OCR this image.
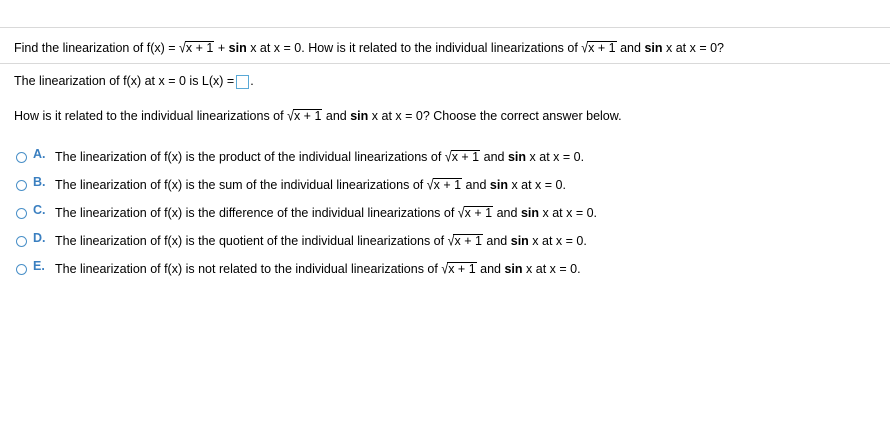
Find the linearization of f(x) = √x + 1 + sin x at x = 0. How is it related to the individual linearizations of √x + 1 and sin x at x = 0?
The linearization of f(x) at x = 0 is L(x) = .
How is it related to the individual linearizations of √x + 1 and sin x at x = 0? Choose the correct answer below.
A. The linearization of f(x) is the product of the individual linearizations of
√x + 1
and
sin
x at x = 0.
B. The linearization of f(x) is the sum of the individual linearizations of
√x + 1
and
sin
x at x = 0.
C. The linearization of f(x) is the difference of the individual linearizations of
√x + 1
and
sin
x at x = 0.
D. The linearization of f(x) is the quotient of the individual linearizations of
√x + 1
and
sin
x at x = 0.
E. The linearization of f(x) is not related to the individual linearizations of
√x + 1
and
sin
x at x = 0.
